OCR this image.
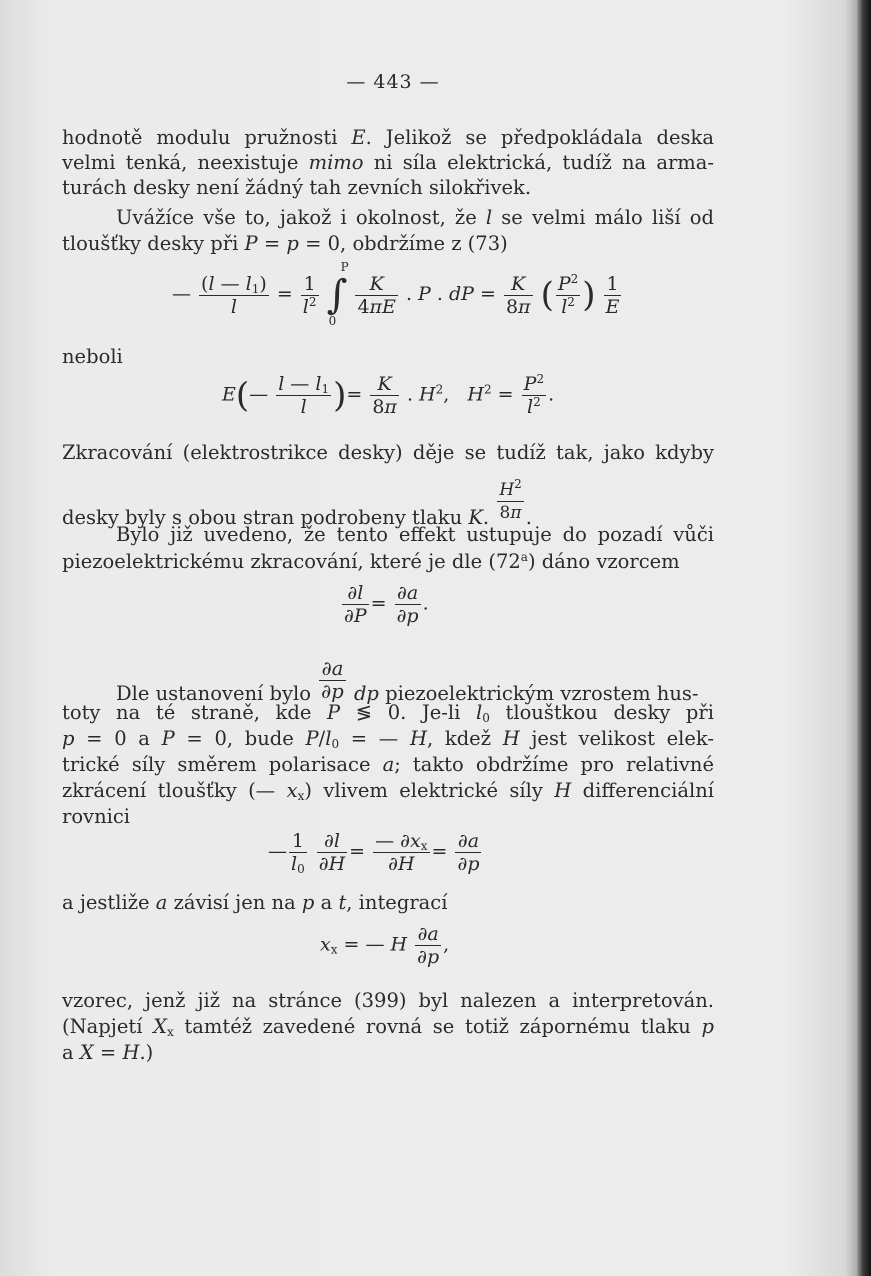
— 443 —
hodnotě modulu pružnosti E. Jelikož se předpokládala deska
velmi tenká, neexistuje mimo ni síla elektrická, tudíž na arma-
turách desky není žádný tah zevních silokřivek.
Uvážíce vše to, jakož i okolnost, že l se velmi málo liší od
tloušťky desky při P = p = 0, obdržíme z (73)
— $\frac{(l — l_1)}{l} = \frac{1}{l^2}$ ∫
P
0

$\frac{K}{4\pi E}$ . P . dP = $\frac{K}{8\pi}$ ( $\frac{P^2}{l^2}$ ) $\frac{1}{E}$
neboli
E(— $\frac{l — l_1}{l}$ )= $\frac{K}{8\pi}$ . $H^2$,   $H^2 = \frac{P^2}{l^2}$ .
Zkracování (elektrostrikce desky) děje se tudíž tak, jako kdyby
desky byly s obou stran podrobeny tlaku K. $\frac{H^2}{8\pi}$ .
Bylo již uvedeno, že tento effekt ustupuje do pozadí vůči
piezoelektrickému zkracování, které je dle (72$^a$) dáno vzorcem
$\frac{\partial l}{\partial P} = \frac{\partial a}{\partial p}$ .
Dle ustanovení bylo $\frac{\partial a}{\partial p}$ dp piezoelektrickým vzrostem hus-
toty na té straně, kde P ≶ 0. Je-li $l_0$ tlouštkou desky při
p = 0 a P = 0, bude $P/l_0$ = — H, kdež H jest velikost elek-
trické síly směrem polarisace a; takto obdržíme pro relativné
zkrácení tloušťky (— $x_x$) vlivem elektrické síly H differenciální
rovnici
— $\frac{1}{l_0}$
$\frac{\partial l}{\partial H} = \frac{— \partial x_x}{\partial H} = \frac{\partial a}{\partial p}$
a jestliže a závisí jen na p a t, integrací
$x_x$ = — H $\frac{\partial a}{\partial p}$ ,
vzorec, jenž již na stránce (399) byl nalezen a interpretován.
(Napjetí $X_x$ tamtéž zavedené rovná se totiž zápornému tlaku p
a X = H.)
